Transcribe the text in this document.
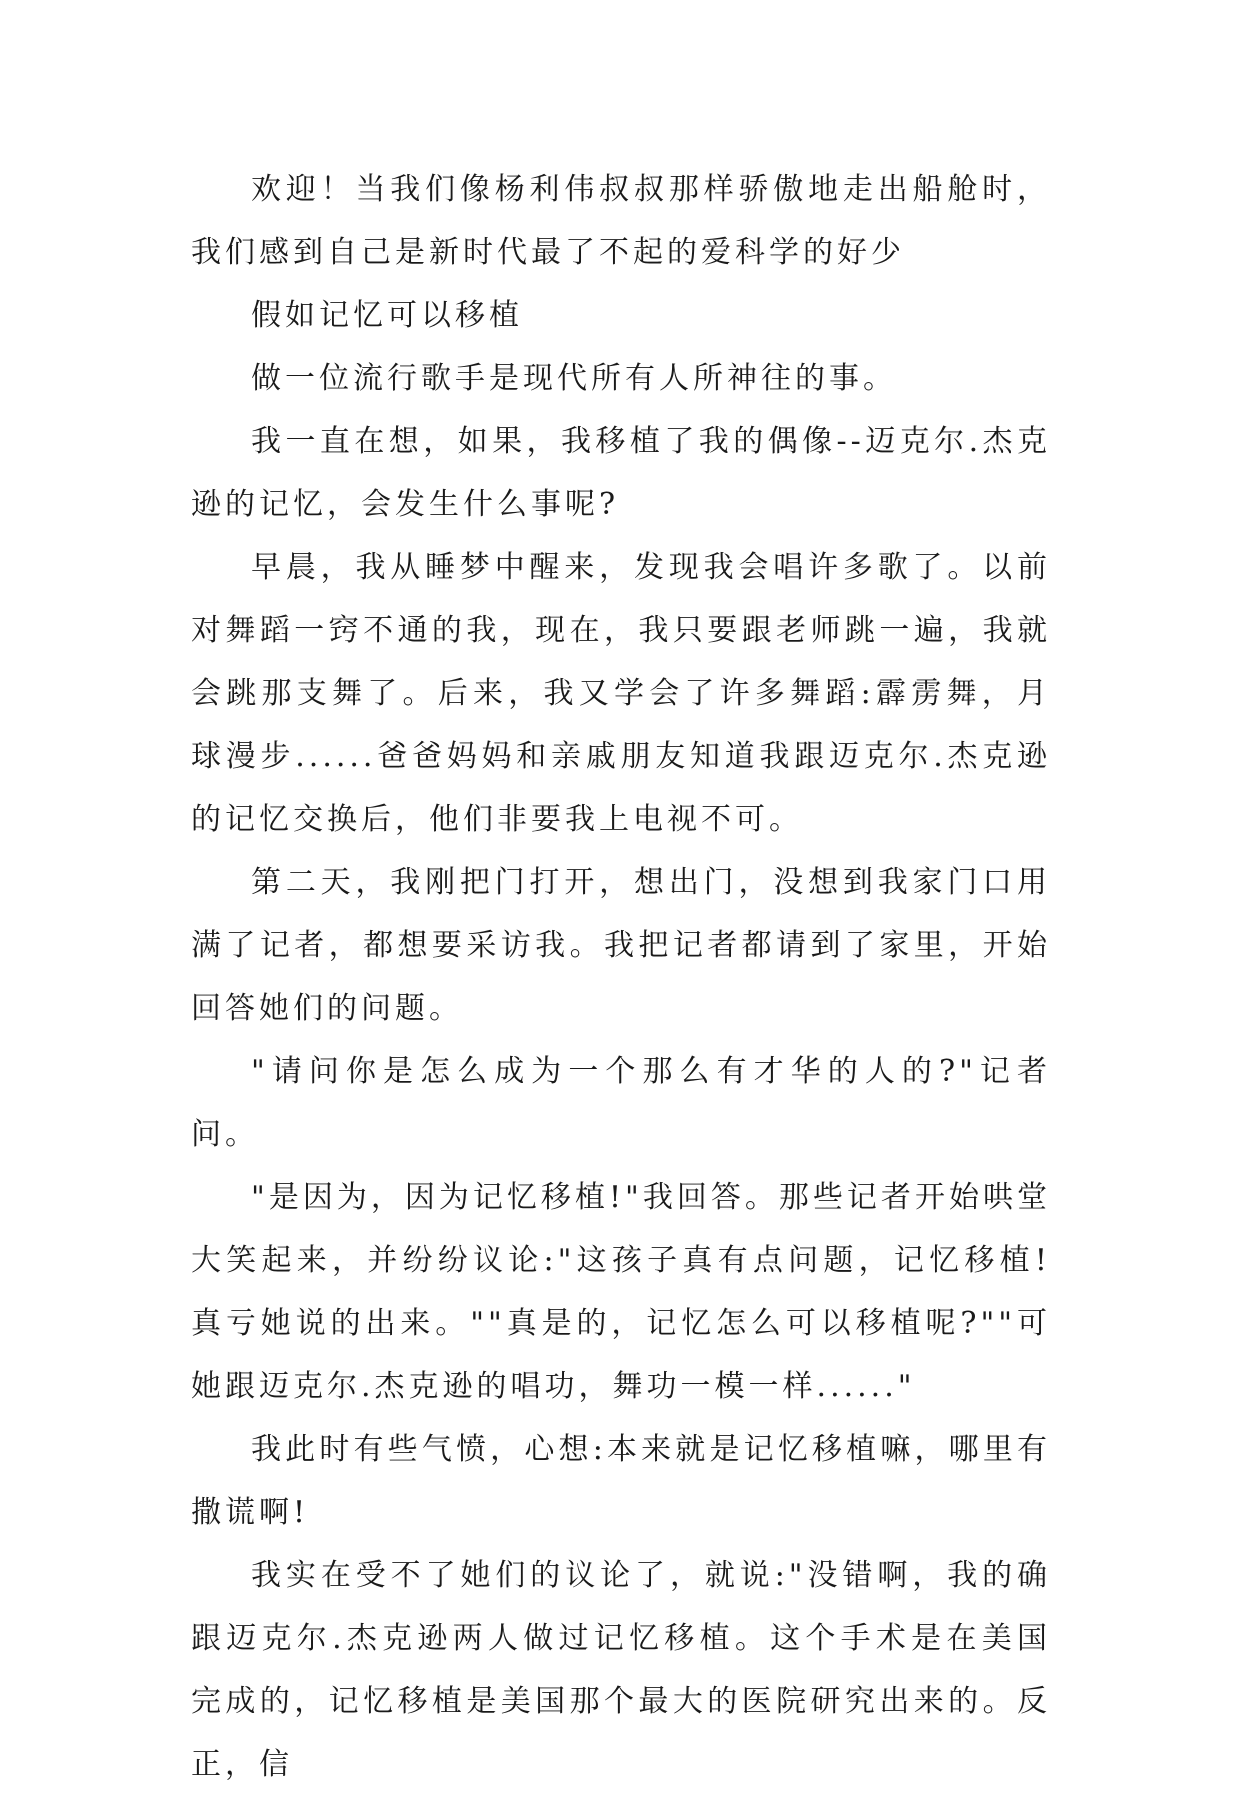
欢迎！当我们像杨利伟叔叔那样骄傲地走出船舱时，我们感到自己是新时代最了不起的爱科学的好少

假如记忆可以移植

做一位流行歌手是现代所有人所神往的事。

我一直在想，如果，我移植了我的偶像--迈克尔.杰克逊的记忆，会发生什么事呢?

早晨，我从睡梦中醒来，发现我会唱许多歌了。以前对舞蹈一窍不通的我，现在，我只要跟老师跳一遍，我就会跳那支舞了。后来，我又学会了许多舞蹈:霹雳舞，月球漫步......爸爸妈妈和亲戚朋友知道我跟迈克尔.杰克逊的记忆交换后，他们非要我上电视不可。

第二天，我刚把门打开，想出门，没想到我家门口用满了记者，都想要采访我。我把记者都请到了家里，开始回答她们的问题。

"请问你是怎么成为一个那么有才华的人的?"记者问。

"是因为，因为记忆移植!"我回答。那些记者开始哄堂大笑起来，并纷纷议论:"这孩子真有点问题，记忆移植!真亏她说的出来。""真是的，记忆怎么可以移植呢?""可她跟迈克尔.杰克逊的唱功，舞功一模一样......"

我此时有些气愤，心想:本来就是记忆移植嘛，哪里有撒谎啊!

我实在受不了她们的议论了，就说:"没错啊，我的确跟迈克尔.杰克逊两人做过记忆移植。这个手术是在美国完成的，记忆移植是美国那个最大的医院研究出来的。反正，信
